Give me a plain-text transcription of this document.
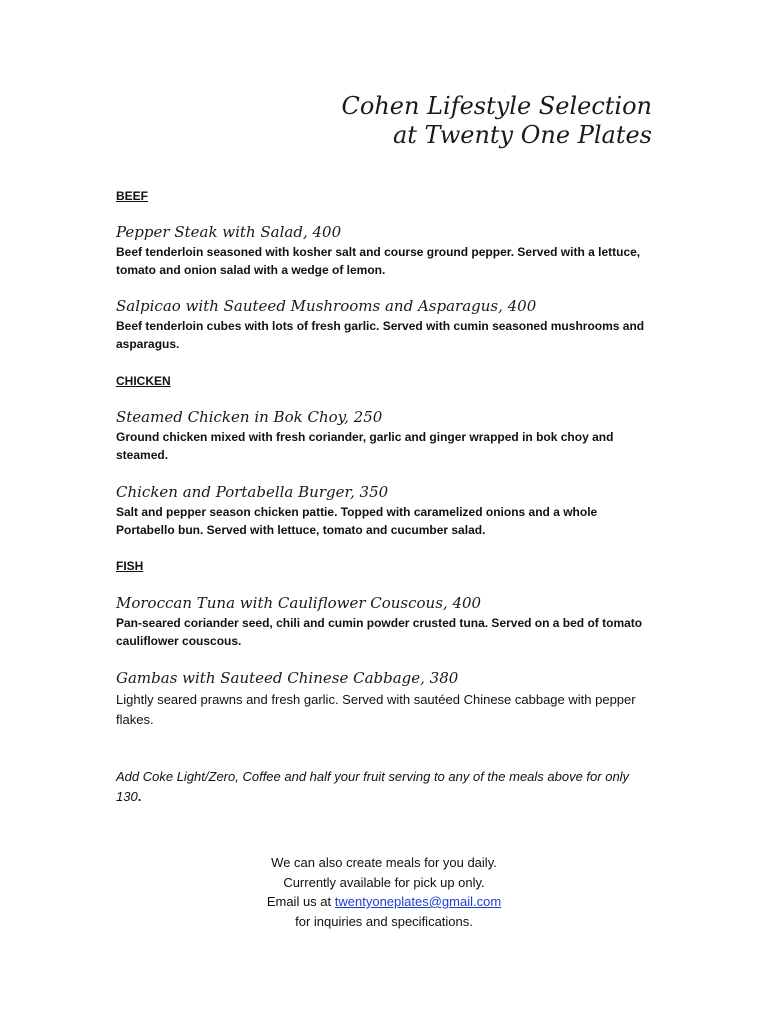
Cohen Lifestyle Selection
at Twenty One Plates
BEEF
Pepper Steak with Salad, 400
Beef tenderloin seasoned with kosher salt and course ground pepper. Served with a lettuce, tomato and onion salad with a wedge of lemon.
Salpicao with Sauteed Mushrooms and Asparagus, 400
Beef tenderloin cubes with lots of fresh garlic. Served with cumin seasoned mushrooms and asparagus.
CHICKEN
Steamed Chicken in Bok Choy, 250
Ground chicken mixed with fresh coriander, garlic and ginger wrapped in bok choy and steamed.
Chicken and Portabella Burger, 350
Salt and pepper season chicken pattie. Topped with caramelized onions and a whole Portabello bun. Served with lettuce, tomato and cucumber salad.
FISH
Moroccan Tuna with Cauliflower Couscous, 400
Pan-seared coriander seed, chili and cumin powder crusted tuna. Served on a bed of tomato cauliflower couscous.
Gambas with Sauteed Chinese Cabbage, 380
Lightly seared prawns and fresh garlic. Served with sautéed Chinese cabbage with pepper flakes.
Add Coke Light/Zero, Coffee and half your fruit serving to any of the meals above for only 130.
We can also create meals for you daily.
Currently available for pick up only.
Email us at twentyoneplates@gmail.com
for inquiries and specifications.
